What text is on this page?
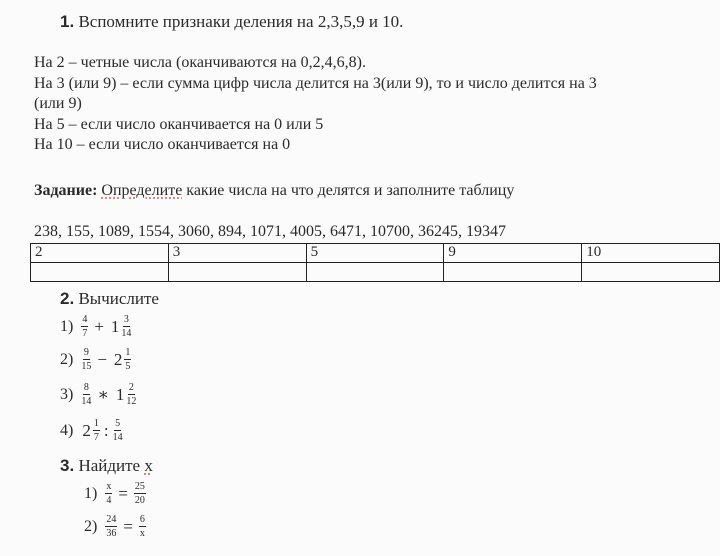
1. Вспомните признаки деления на 2,3,5,9 и 10.
На 2 – четные числа (оканчиваются на 0,2,4,6,8).
На 3 (или 9) – если сумма цифр числа делится на 3(или 9), то и число делится на 3
(или 9)
На 5 – если число оканчивается на 0 или 5
На 10 – если число оканчивается на 0
Задание: Определите какие числа на что делятся и заполните таблицу
238, 155, 1089, 1554, 3060, 894, 1071, 4005, 6471, 10700, 36245, 19347
2	3	5	9	10

2. Вычислите
$1) \frac{4}{7} + 1 \frac{3}{14}$
$2) \frac{9}{15} - 2 \frac{1}{5}$
$3) \frac{8}{14}$ ∗ $1 \frac{2}{12}$
4) $2 \frac{1}{7}$ : $\frac{5}{14}$
3. Найдите х
$1) \frac{x}{4} = \frac{25}{20}$
$2) \frac{24}{36} = \frac{6}{x}$
